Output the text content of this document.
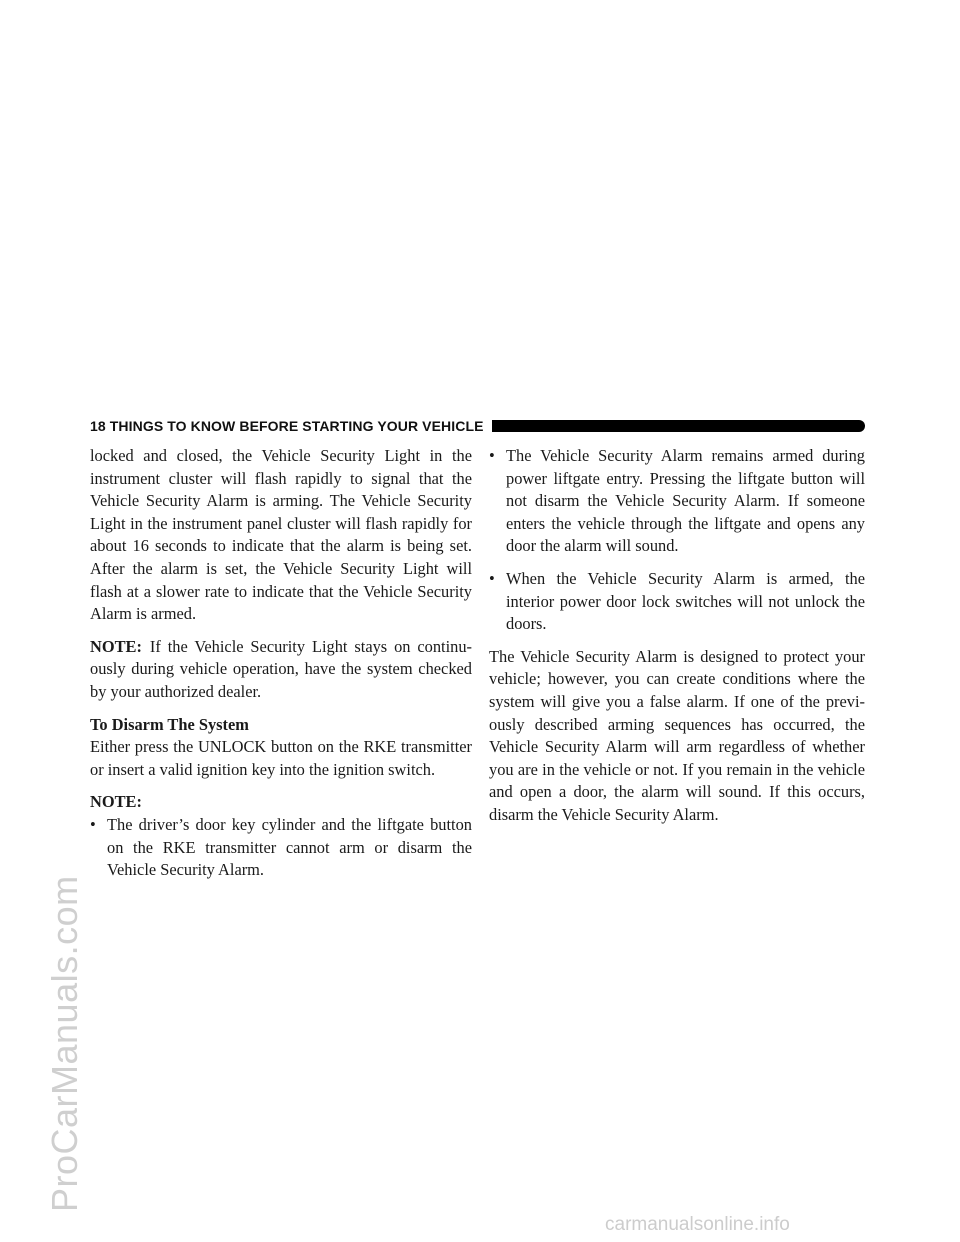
ProCarManuals.com
18 THINGS TO KNOW BEFORE STARTING YOUR VEHICLE

locked and closed, the Vehicle Security Light in the instrument cluster will flash rapidly to signal that the Vehicle Security Alarm is arming. The Vehicle Security Light in the instrument panel cluster will flash rapidly for about 16 seconds to indicate that the alarm is being set. After the alarm is set, the Vehicle Security Light will flash at a slower rate to indicate that the Vehicle Security Alarm is armed.

NOTE: If the Vehicle Security Light stays on continu-ously during vehicle operation, have the system checked by your authorized dealer.

To Disarm The System

Either press the UNLOCK button on the RKE transmitter or insert a valid ignition key into the ignition switch.

NOTE:
• The driver’s door key cylinder and the liftgate button on the RKE transmitter cannot arm or disarm the Vehicle Security Alarm.
• The Vehicle Security Alarm remains armed during power liftgate entry. Pressing the liftgate button will not disarm the Vehicle Security Alarm. If someone enters the vehicle through the liftgate and opens any door the alarm will sound.
• When the Vehicle Security Alarm is armed, the interior power door lock switches will not unlock the doors.

The Vehicle Security Alarm is designed to protect your vehicle; however, you can create conditions where the system will give you a false alarm. If one of the previ-ously described arming sequences has occurred, the Vehicle Security Alarm will arm regardless of whether you are in the vehicle or not. If you remain in the vehicle and open a door, the alarm will sound. If this occurs, disarm the Vehicle Security Alarm.

carmanualsonline.info
